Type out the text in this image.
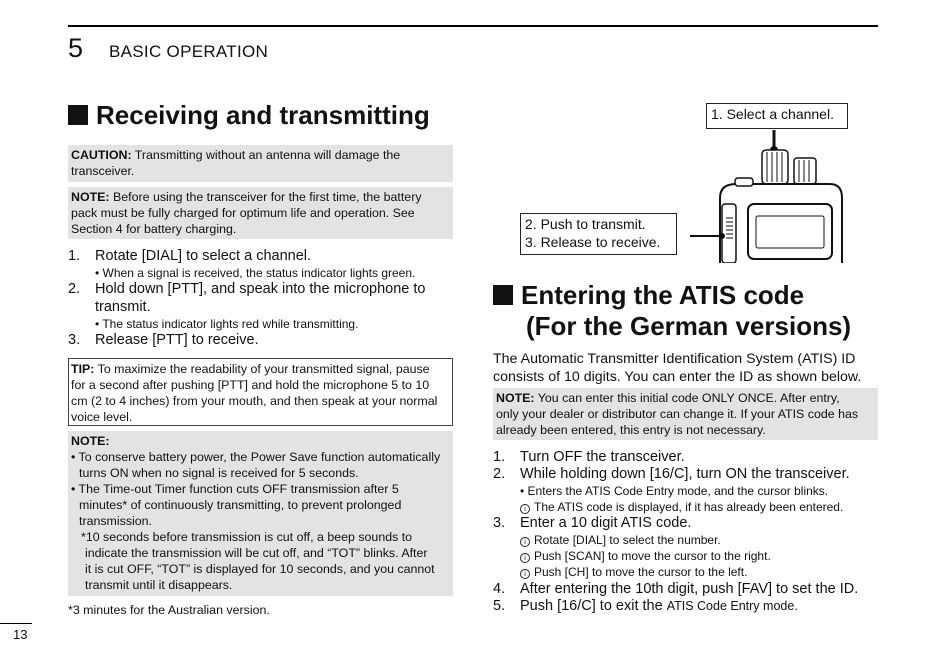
5 BASIC OPERATION
Receiving and transmitting
CAUTION: Transmitting without an antenna will damage the
transceiver.
NOTE: Before using the transceiver for the first time, the battery
pack must be fully charged for optimum life and operation. See
Section 4 for battery charging.
1. Rotate [DIAL] to select a channel.
• When a signal is received, the status indicator lights green.
2. Hold down [PTT], and speak into the microphone to
transmit.
• The status indicator lights red while transmitting.
3. Release [PTT] to receive.
TIP: To maximize the readability of your transmitted signal, pause
for a second after pushing [PTT] and hold the microphone 5 to 10
cm (2 to 4 inches) from your mouth, and then speak at your normal
voice level.
NOTE:
• To conserve battery power, the Power Save function automatically
turns ON when no signal is received for 5 seconds.
• The Time-out Timer function cuts OFF transmission after 5
minutes* of continuously transmitting, to prevent prolonged
transmission.
*10 seconds before transmission is cut off, a beep sounds to
indicate the transmission will be cut off, and “TOT” blinks. After
it is cut OFF, “TOT” is displayed for 10 seconds, and you cannot
transmit until it disappears.
*3 minutes for the Australian version.
1. Select a channel.
2. Push to transmit.
3. Release to receive.
Entering the ATIS code
(For the German versions)
The Automatic Transmitter Identification System (ATIS) ID
consists of 10 digits. You can enter the ID as shown below.
NOTE: You can enter this initial code ONLY ONCE. After entry,
only your dealer or distributor can change it. If your ATIS code has
already been entered, this entry is not necessary.
1. Turn OFF the transceiver.
2. While holding down [16/C], turn ON the transceiver.
• Enters the ATIS Code Entry mode, and the cursor blinks.
i The ATIS code is displayed, if it has already been entered.
3. Enter a 10 digit ATIS code.
i Rotate [DIAL] to select the number.
i Push [SCAN] to move the cursor to the right.
i Push [CH] to move the cursor to the left.
4. After entering the 10th digit, push [FAV] to set the ID.
5. Push [16/C] to exit the ATIS Code Entry mode.
13
